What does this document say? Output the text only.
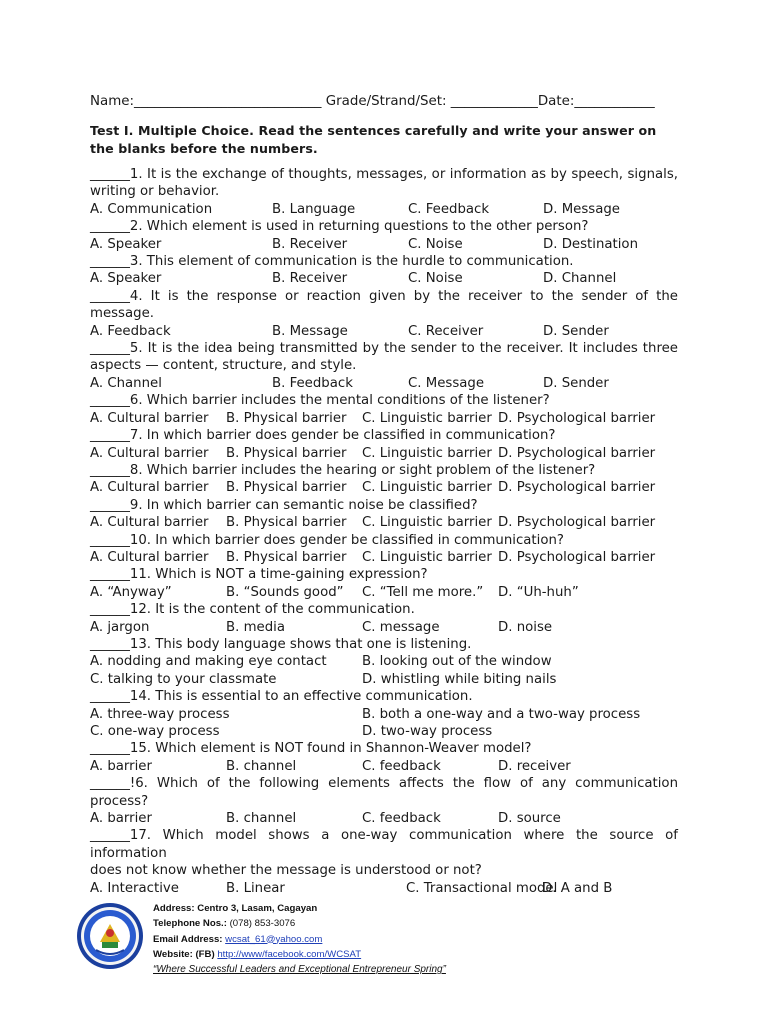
Name:____________________________ Grade/Strand/Set: _____________Date:____________
Test I. Multiple Choice. Read the sentences carefully and write your answer on the blanks before the numbers.
______1. It is the exchange of thoughts, messages, or information as by speech, signals, writing or behavior.
A. Communication	B. Language	C. Feedback	D. Message
______2. Which element is used in returning questions to the other person?
A. Speaker	B. Receiver	C. Noise	D. Destination
______3. This element of communication is the hurdle to communication.
A. Speaker	B. Receiver	C. Noise	D. Channel
______4. It is the response or reaction given by the receiver to the sender of the message.
A. Feedback	B. Message	C. Receiver	D. Sender
______5. It is the idea being transmitted by the sender to the receiver. It includes three aspects — content, structure, and style.
A. Channel	B. Feedback	C. Message	D. Sender
______6. Which barrier includes the mental conditions of the listener?
A. Cultural barrier	B. Physical barrier	C. Linguistic barrier D. Psychological barrier
______7. In which barrier does gender be classified in communication?
A. Cultural barrier	B. Physical barrier	C. Linguistic barrier D. Psychological barrier
______8. Which barrier includes the hearing or sight problem of the listener?
A. Cultural barrier	B. Physical barrier	C. Linguistic barrier D. Psychological barrier
______9. In which barrier can semantic noise be classified?
A. Cultural barrier	B. Physical barrier	C. Linguistic barrier D. Psychological barrier
______10. In which barrier does gender be classified in communication?
A. Cultural barrier	B. Physical barrier	C. Linguistic barrier D. Psychological barrier
______11. Which is NOT a time-gaining expression?
A. “Anyway”	B. “Sounds good”	C. “Tell me more.”	D. “Uh-huh”
______12. It is the content of the communication.
A. jargon	B. media	C. message	D. noise
______13. This body language shows that one is listening.
A. nodding and making eye contact	B. looking out of the window
C. talking to your classmate	D. whistling while biting nails
______14. This is essential to an effective communication.
A. three-way process	B. both a one-way and a two-way process
C. one-way process	D. two-way process
______15. Which element is NOT found in Shannon-Weaver model?
A. barrier	B. channel	C. feedback	D. receiver
______!6. Which of the following elements affects the flow of any communication process?
A. barrier	B. channel	C. feedback	D. source
______17. Which model shows a one-way communication where the source of information
does not know whether the message is understood or not?
A. Interactive	B. Linear	C. Transactional model
D. A and B
Address: Centro 3, Lasam, Cagayan
Telephone Nos.: (078) 853-3076
Email Address: wcsat_61@yahoo.com
Website: (FB) http://www/facebook.com/WCSAT
“Where Successful Leaders and Exceptional Entrepreneur Spring”
